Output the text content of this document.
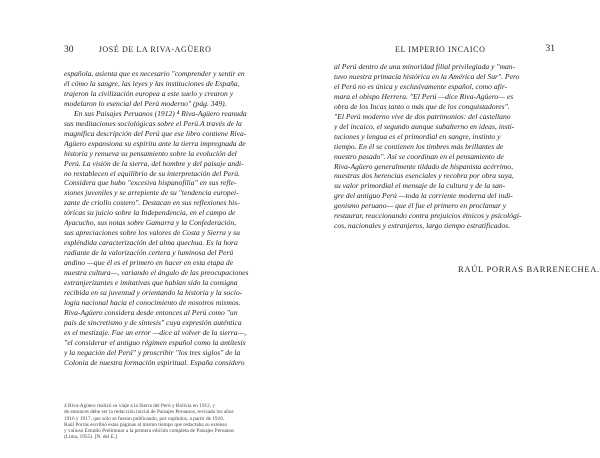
30	JOSÉ DE LA RIVA-AGÜERO
española, asienta que es necesario "comprender y sentir en
él cómo la sangre, las leyes y las instituciones de España,
trajeron la civilización europea a este suelo y crearon y
modelaron lo esencial del Perú moderno" (pág. 349).
En sus Paisajes Peruanos (1912) ⁴ Riva-Agüero reanuda
sus meditaciones sociológicas sobre el Perú.A través de la
magnífica descripción del Perú que ese libro contiene Riva-
Agüero expansiona su espíritu ante la tierra impregnada de
historia y renueva su pensamiento sobre la evolución del
Perú. La visión de la sierra, del hombre y del paisaje andi-
no restablecen el equilibrio de su interpretación del Perú.
Considera que hubo "excesiva hispanofilia" en sus refle-
xiones juveniles y se arrepiente de su "tendencia europei-
zante de criollo costero". Destacan en sus reflexiones his-
tóricas su juicio sobre la Independencia, en el campo de
Ayacucho, sus notas sobre Gamarra y la Confederación,
sus apreciaciones sobre los valores de Costa y Sierra y su
espléndida caracterización del alma quechua. Es la hora
radiante de la valorización certera y luminosa del Perú
andino —que él es el primero en hacer en esta etapa de
nuestra cultura—, variando el ángulo de las preocupaciones
extranjerizantes e imitativas que habían sido la consigna
recibida en su juventud y orientando la historia y la socio-
logía nacional hacia el conocimiento de nosotros mismos.
Riva-Agüero considera desde entonces al Perú como "un
país de sincretismo y de síntesis" cuya expresión auténtica
es el mestizaje. Fue un error —dice al volver de la sierra—,
"el considerar el antiguo régimen español como la antítesis
y la negación del Perú" y proscribir "los tres siglos" de la
Colonia de nuestra formación espiritual. España considero
4 Riva-Agüero realizó su viaje a la Sierra del Perú y Bolivia en 1912, y
de entonces debe ser la redacción inicial de Paisajes Peruanos, revisada los años
1916 y 1917, que sólo se fueron publicando, por capítulos, a partir de 1916.
Raúl Porras escribió estas páginas al mismo tiempo que redactaba su extenso
y valioso Estudio Preliminar a la primera edición completa de Paisajes Peruanos
(Lima, 1955). [N. del E.]
EL IMPERIO INCAICO	31
al Perú dentro de una minoridad filial privilegiada y "man-
tuvo nuestra primacía histórica en la América del Sur". Pero
el Perú no es única y exclusivamente español, como afir-
mara el obispo Herrera. "El Perú —dice Riva-Agüero— es
obra de los Incas tanto o más que de los conquistadores".
"El Perú moderno vive de dos patrimonios: del castellano
y del incaico, el segundo aunque subalterno en ideas, insti-
tuciones y lengua es el primordial en sangre, instinto y
tiempo. En él se contienen los timbres más brillantes de
nuestro pasado". Así se coordinan en el pensamiento de
Riva-Agüero generalmente tildado de hispanista acérrimo,
nuestras dos herencias esenciales y recobra por obra suya,
su valor primordial el mensaje de la cultura y de la san-
gre del antiguo Perú —toda la corriente moderna del indi-
genismo peruano— que él fue el primero en proclamar y
restaurar, reaccionando contra prejuicios étnicos y psicológi-
cos, nacionales y extranjeros, largo tiempo estratificados.
RAÚL PORRAS BARRENECHEA.
